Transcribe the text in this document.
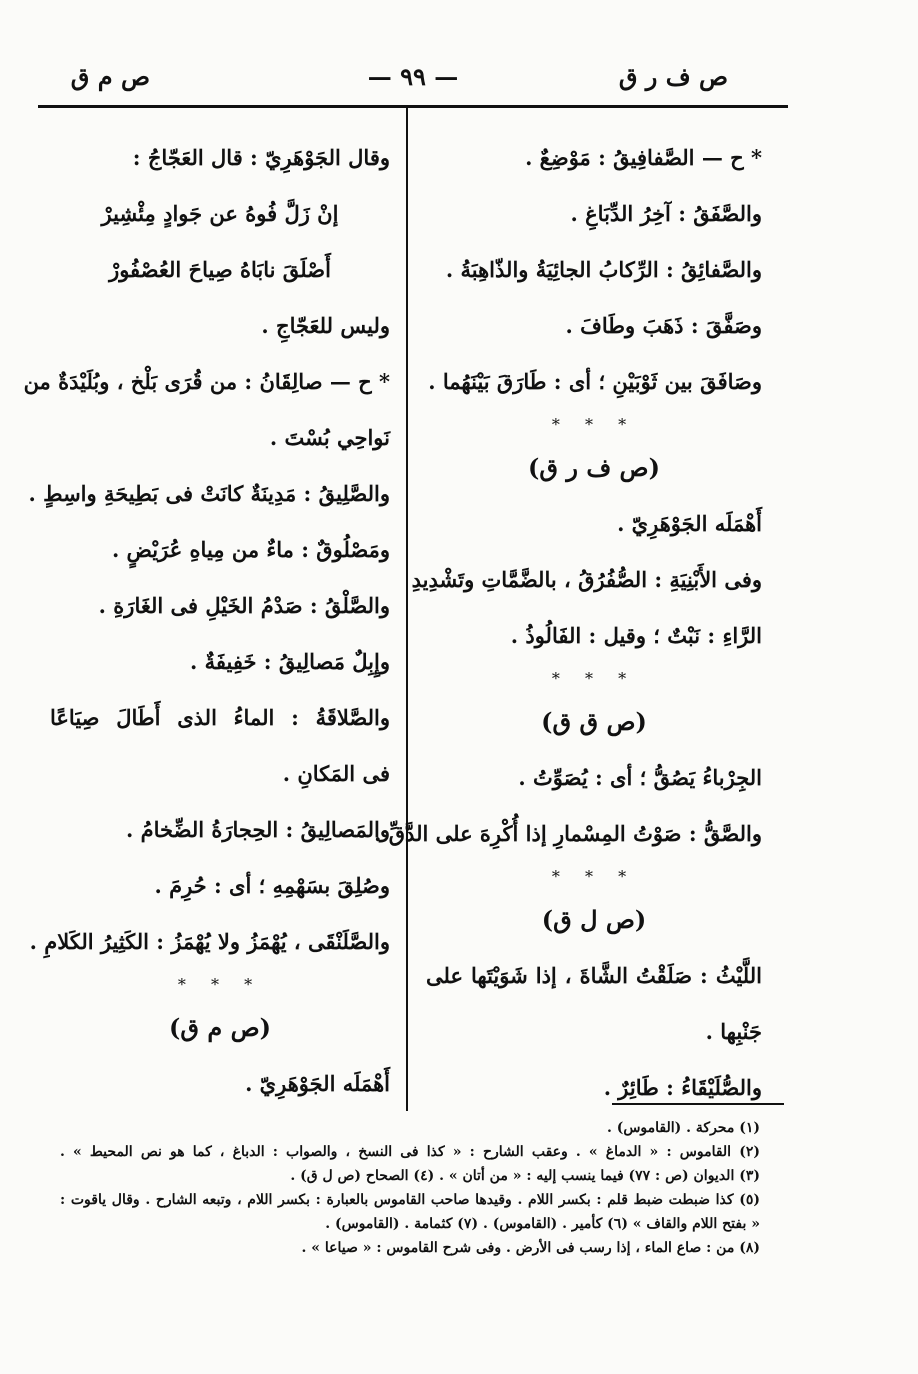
ص ف ر ق
— ٩٩ —
ص م ق
* ح — الصَّفافِيقُ : مَوْضِعٌ .
والصَّفَقُ : آخِرُ الدِّبَاغِ .
والصَّفائِقُ : الرِّكابُ الجائِيَةُ والذّاهِبَةُ .
وصَفَّقَ : ذَهَبَ وطَافَ .
وصَافَقَ بين ثَوْبَيْنِ ؛ أى : طَارَقَ بَيْنَهُما .
* * *
(ص ف ر ق)
أَهْمَلَه الجَوْهَرِيّ .
وفى الأَبْنِيَةِ : الصُّفُرُقُ ، بالضَّمَّاتِ وتَشْدِيدِ
الرَّاءِ : نَبْتٌ ؛ وقيل : الفَالُوذُ .
* * *
(ص ق ق)
الجِرْباءُ يَصُقُّ ؛ أى : يُصَوِّتُ .
والصَّقُّ : صَوْتُ المِسْمارِ إذا أُكْرِهَ على الدَّقِّ .
* * *
(ص ل ق)
اللَّيْثُ : صَلَقْتُ الشَّاةَ ، إذا شَوَيْتَها على
جَنْبِها .
والصُّلَيْقَاءُ : طَائِرٌ .
وقال الجَوْهَرِيّ : قال العَجّاجُ :
إنْ زَلَّ فُوهُ عن جَوادٍ مِئْشِيرْ
أَصْلَقَ نابَاهُ صِياحَ العُصْفُورْ
وليس للعَجّاجِ .
* ح — صالِقَانُ : من قُرَى بَلْخ ، وبُلَيْدَةٌ من
نَواحِي بُسْتَ .
والصَّلِيقُ : مَدِينَةٌ كانَتْ فى بَطِيحَةِ واسِطٍ .
ومَصْلُوقٌ : ماءٌ من مِياهِ عُرَيْضٍ .
والصَّلْقُ : صَدْمُ الخَيْلِ فى الغَارَةِ .
وإِبِلٌ مَصالِيقُ : خَفِيفَةٌ .
والصَّلاقَةُ : الماءُ الذى أَطَالَ صِيَاعًا
فى المَكانِ .
والمَصالِيقُ : الحِجارَةُ الضِّخامُ .
وصُلِقَ بسَهْمِهِ ؛ أى : حُرِمَ .
والصَّلَنْقَى ، يُهْمَزُ ولا يُهْمَزُ : الكَثِيرُ الكَلامِ .
* * *
(ص م ق)
أَهْمَلَه الجَوْهَرِيّ .
(١) محركة . (القاموس) .
(٢) القاموس : « الدماغ » . وعقب الشارح : « كذا فى النسخ ، والصواب : الدباغ ، كما هو نص المحيط » .
(٣) الديوان (ص : ٧٧) فيما ينسب إليه : « من أتان » . (٤) الصحاح (ص ل ق) .
(٥) كذا ضبطت ضبط قلم : بكسر اللام . وقيدها صاحب القاموس بالعبارة : بكسر اللام ، وتبعه الشارح . وقال ياقوت :
« بفتح اللام والقاف » (٦) كأمير . (القاموس) . (٧) كثمامة . (القاموس) .
(٨) من : صاع الماء ، إذا رسب فى الأرض . وفى شرح القاموس : « صياعا » .
